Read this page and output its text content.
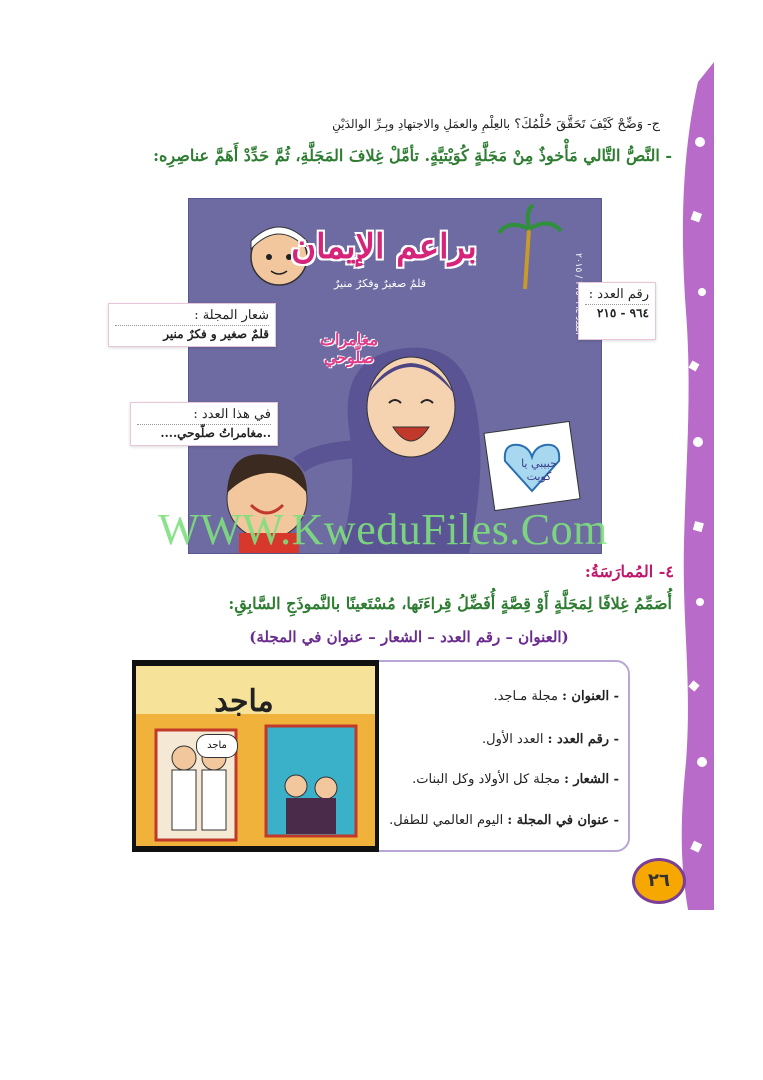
ج- وَضِّحْ كَيْفَ تَحَقَّقَ حُلْمُكَ؟ بالعِلْمِ والعمَلِ والاجتهادِ وبِـرِّ الوالدَيْنِ
- النَّصُّ التَّالي مَأْخوذٌ مِنْ مَجَلَّةٍ كُوَيْتيَّةٍ. تأمَّلْ غِلافَ المَجَلَّةِ، ثُمَّ حَدِّدْ أَهَمَّ عناصِرِه:
براعم الإيمان
قلمٌ صغيرٌ وفكرٌ منيرٌ	/ ٢٠١٥
مغامرات
صلّوحي
حبيبي يا كويت
رقم العدد :
٩٦٤ - ٢١٥
شعار المجلة :
قلمٌ صغير و فكرٌ منير
في هذا العدد :
..مغامراتُ صلّوحي....
WWW.KweduFiles.Com
٤- المُمارَسَةُ:
أُصَمِّمُ غِلافًا لِمَجَلَّةٍ أَوْ قِصَّةٍ أُفَضِّلُ قِراءَتَها، مُسْتَعينًا بالنَّموذَجِ السَّابِقِ:
(العنوان – رقم العدد – الشعار – عنوان في المجلة)
ماجد
ماجد
- العنوان : مجلة مـاجد.
- رقم العدد : العدد الأول.
- الشعار : مجلة كل الأولاد وكل البنات.
- عنوان في المجلة : اليوم العالمي للطفل.
٢٦
